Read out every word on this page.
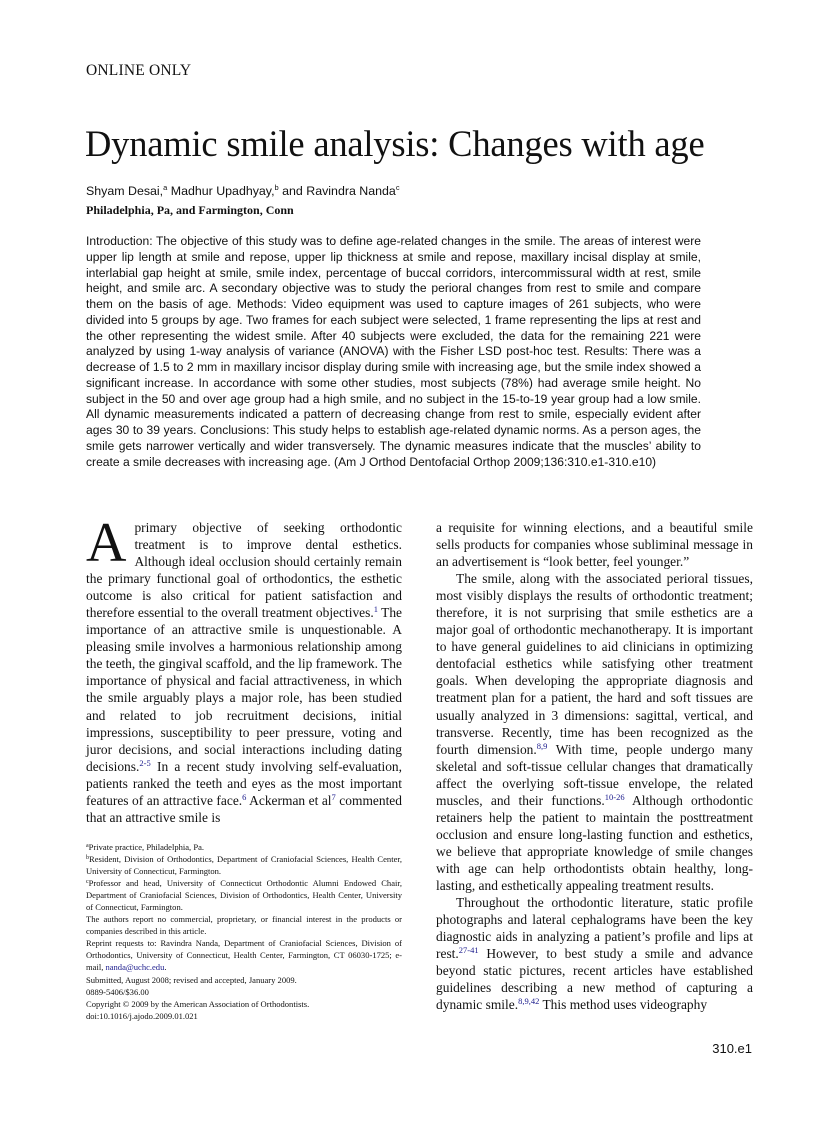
ONLINE ONLY
Dynamic smile analysis: Changes with age
Shyam Desai,$^a$ Madhur Upadhyay,$^b$ and Ravindra Nanda$^c$
Philadelphia, Pa, and Farmington, Conn

Introduction: The objective of this study was to define age-related changes in the smile. The areas of interest were upper lip length at smile and repose, upper lip thickness at smile and repose, maxillary incisal display at smile, interlabial gap height at smile, smile index, percentage of buccal corridors, intercommissural width at rest, smile height, and smile arc. A secondary objective was to study the perioral changes from rest to smile and compare them on the basis of age. Methods: Video equipment was used to capture images of 261 subjects, who were divided into 5 groups by age. Two frames for each subject were selected, 1 frame representing the lips at rest and the other representing the widest smile. After 40 subjects were excluded, the data for the remaining 221 were analyzed by using 1-way analysis of variance (ANOVA) with the Fisher LSD post-hoc test. Results: There was a decrease of 1.5 to 2 mm in maxillary incisor display during smile with increasing age, but the smile index showed a significant increase. In accordance with some other studies, most subjects (78%) had average smile height. No subject in the 50 and over age group had a high smile, and no subject in the 15-to-19 year group had a low smile. All dynamic measurements indicated a pattern of decreasing change from rest to smile, especially evident after ages 30 to 39 years. Conclusions: This study helps to establish age-related dynamic norms. As a person ages, the smile gets narrower vertically and wider transversely. The dynamic measures indicate that the muscles’ ability to create a smile decreases with increasing age. (Am J Orthod Dentofacial Orthop 2009;136:310.e1-310.e10)

A primary objective of seeking orthodontic treatment is to improve dental esthetics. Although ideal occlusion should certainly remain the primary functional goal of orthodontics, the esthetic outcome is also critical for patient satisfaction and therefore essential to the overall treatment objectives.$^1$ The importance of an attractive smile is unquestionable. A pleasing smile involves a harmonious relationship among the teeth, the gingival scaffold, and the lip framework. The importance of physical and facial attractiveness, in which the smile arguably plays a major role, has been studied and related to job recruitment decisions, initial impressions, susceptibility to peer pressure, voting and juror decisions, and social interactions including dating decisions.$^{2-5}$ In a recent study involving self-evaluation, patients ranked the teeth and eyes as the most important features of an attractive face.$^6$ Ackerman et $al^7$ commented that an attractive smile is

a requisite for winning elections, and a beautiful smile sells products for companies whose subliminal message in an advertisement is “look better, feel younger.”

The smile, along with the associated perioral tissues, most visibly displays the results of orthodontic treatment; therefore, it is not surprising that smile esthetics are a major goal of orthodontic mechanotherapy. It is important to have general guidelines to aid clinicians in optimizing dentofacial esthetics while satisfying other treatment goals. When developing the appropriate diagnosis and treatment plan for a patient, the hard and soft tissues are usually analyzed in 3 dimensions: sagittal, vertical, and transverse. Recently, time has been recognized as the fourth dimension.$^{8,9}$ With time, people undergo many skeletal and soft-tissue cellular changes that dramatically affect the overlying soft-tissue envelope, the related muscles, and their functions.$^{10-26}$ Although orthodontic retainers help the patient to maintain the posttreatment occlusion and ensure long-lasting function and esthetics, we believe that appropriate knowledge of smile changes with age can help orthodontists obtain healthy, long-lasting, and esthetically appealing treatment results.

Throughout the orthodontic literature, static profile photographs and lateral cephalograms have been the key diagnostic aids in analyzing a patient’s profile and lips at rest.$^{27-41}$ However, to best study a smile and advance beyond static pictures, recent articles have established guidelines describing a new method of capturing a dynamic smile.$^{8,9,42}$ This method uses videography

$^a$Private practice, Philadelphia, Pa.
$^b$Resident, Division of Orthodontics, Department of Craniofacial Sciences, Health Center, University of Connecticut, Farmington.
$^c$Professor and head, University of Connecticut Orthodontic Alumni Endowed Chair, Department of Craniofacial Sciences, Division of Orthodontics, Health Center, University of Connecticut, Farmington.
The authors report no commercial, proprietary, or financial interest in the products or companies described in this article.
Reprint requests to: Ravindra Nanda, Department of Craniofacial Sciences, Division of Orthodontics, University of Connecticut, Health Center, Farmington, CT 06030-1725; e-mail, nanda@uchc.edu.
Submitted, August 2008; revised and accepted, January 2009.
0889-5406/$36.00
Copyright © 2009 by the American Association of Orthodontists.
doi:10.1016/j.ajodo.2009.01.021
310.e1
